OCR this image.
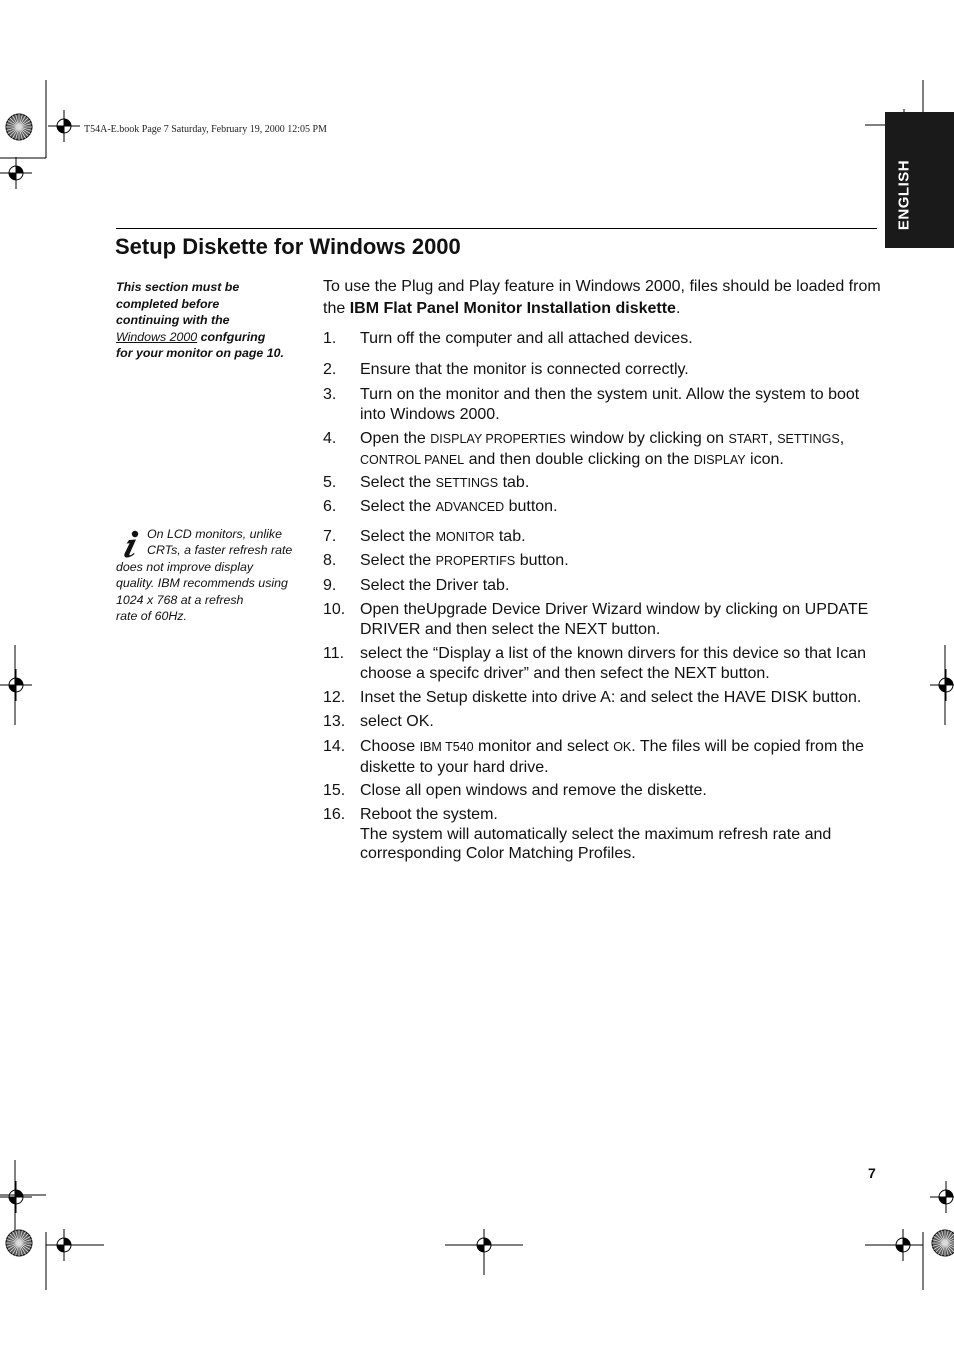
T54A-E.book Page 7 Saturday, February 19, 2000 12:05 PM
ENGLISH
Setup Diskette for Windows 2000
This section must be
completed before
continuing with the
Windows 2000 confguring
for your monitor on page 10.
On LCD monitors, unlike
CRTs, a faster refresh rate
does not improve display
quality. IBM recommends using
1024 x 768 at a refresh
rate of 60Hz.

To use the Plug and Play feature in Windows 2000, files should be loaded from the IBM Flat Panel Monitor Installation diskette.

1. Turn off the computer and all attached devices.
2. Ensure that the monitor is connected correctly.
3. Turn on the monitor and then the system unit. Allow the system to boot into Windows 2000.
4. Open the DISPLAY PROPERTIES window by clicking on START, SETTINGS, CONTROL PANEL and then double clicking on the DISPLAY icon.
5. Select the SETTINGS tab.
6. Select the ADVANCED button.
7. Select the MONITOR tab.
8. Select the PROPERTIFS button.
9. Select the Driver tab.
10. Open theUpgrade Device Driver Wizard window by clicking on UPDATE DRIVER and then select the NEXT button.
11. select the “Display a list of the known dirvers for this device so that Ican choose a specifc driver” and then sefect the NEXT button.
12. Inset the Setup diskette into drive A: and select the HAVE DISK button.
13. select OK.
14. Choose IBM T540 monitor and select OK. The files will be copied from the diskette to your hard drive.
15. Close all open windows and remove the diskette.
16. Reboot the system.
The system will automatically select the maximum refresh rate and corresponding Color Matching Profiles.
7
